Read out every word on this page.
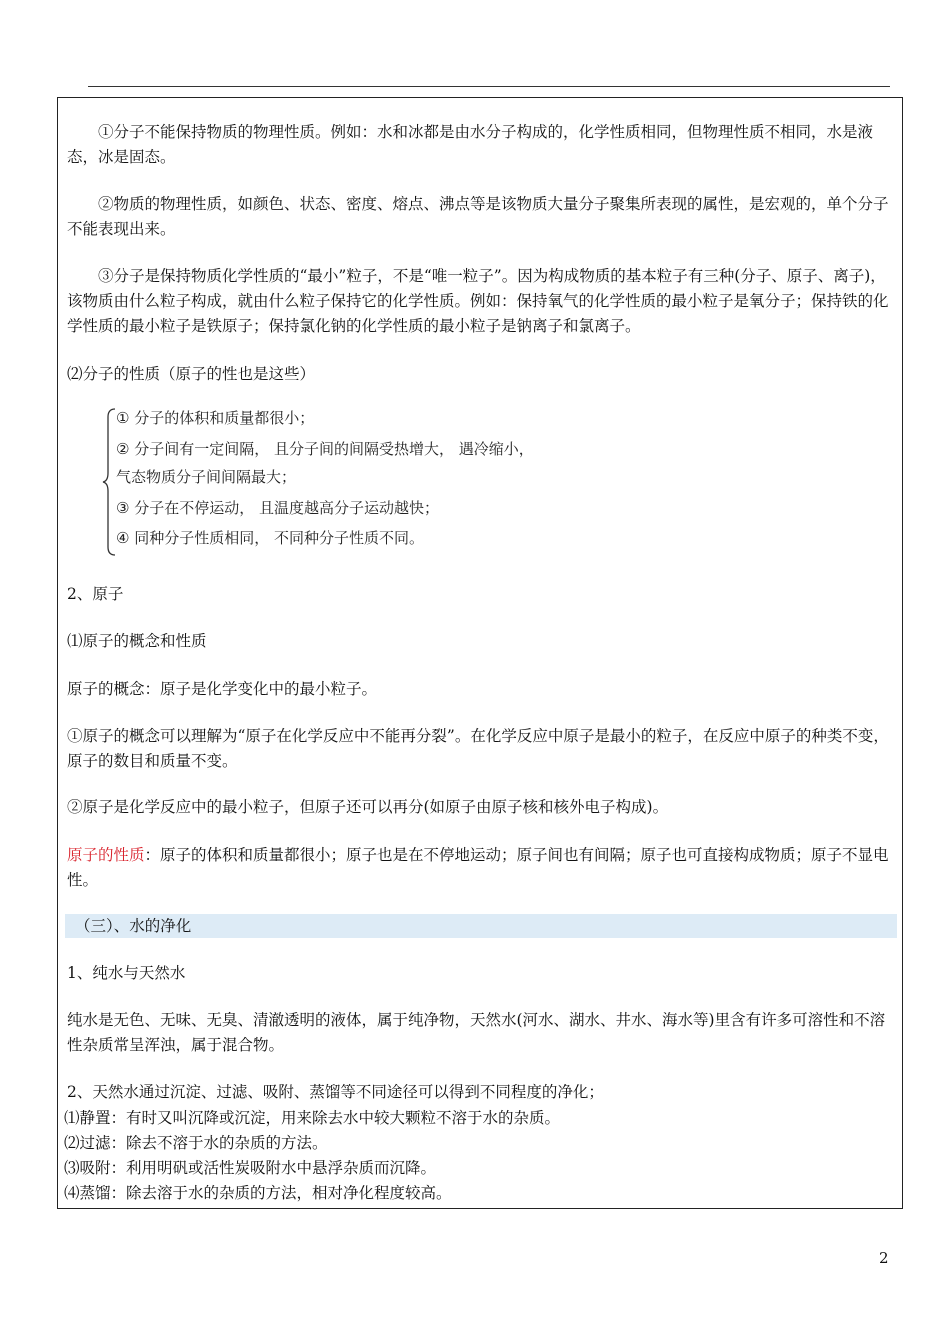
①分子不能保持物质的物理性质。例如：水和冰都是由水分子构成的，化学性质相同，但物理性质不相同，水是液态，冰是固态。

②物质的物理性质，如颜色、状态、密度、熔点、沸点等是该物质大量分子聚集所表现的属性，是宏观的，单个分子不能表现出来。

③分子是保持物质化学性质的“最小”粒子，不是“唯一粒子”。因为构成物质的基本粒子有三种(分子、原子、离子)，该物质由什么粒子构成，就由什么粒子保持它的化学性质。例如：保持氧气的化学性质的最小粒子是氧分子；保持铁的化学性质的最小粒子是铁原子；保持氯化钠的化学性质的最小粒子是钠离子和氯离子。

⑵分子的性质（原子的性也是这些）

① 分子的体积和质量都很小；
② 分子间有一定间隔， 且分子间的间隔受热增大， 遇冷缩小，
气态物质分子间间隔最大；
③ 分子在不停运动， 且温度越高分子运动越快；
④ 同种分子性质相同， 不同种分子性质不同。

2、原子

⑴原子的概念和性质

原子的概念：原子是化学变化中的最小粒子。

①原子的概念可以理解为“原子在化学反应中不能再分裂”。在化学反应中原子是最小的粒子，在反应中原子的种类不变，原子的数目和质量不变。

②原子是化学反应中的最小粒子，但原子还可以再分(如原子由原子核和核外电子构成)。

原子的性质：原子的体积和质量都很小；原子也是在不停地运动；原子间也有间隔；原子也可直接构成物质；原子不显电性。

（三）、水的净化

1、纯水与天然水

纯水是无色、无味、无臭、清澈透明的液体，属于纯净物，天然水(河水、湖水、井水、海水等)里含有许多可溶性和不溶性杂质常呈浑浊，属于混合物。

2、天然水通过沉淀、过滤、吸附、蒸馏等不同途径可以得到不同程度的净化；

⑴静置：有时又叫沉降或沉淀，用来除去水中较大颗粒不溶于水的杂质。
⑵过滤：除去不溶于水的杂质的方法。
⑶吸附：利用明矾或活性炭吸附水中悬浮杂质而沉降。
⑷蒸馏：除去溶于水的杂质的方法，相对净化程度较高。
2
